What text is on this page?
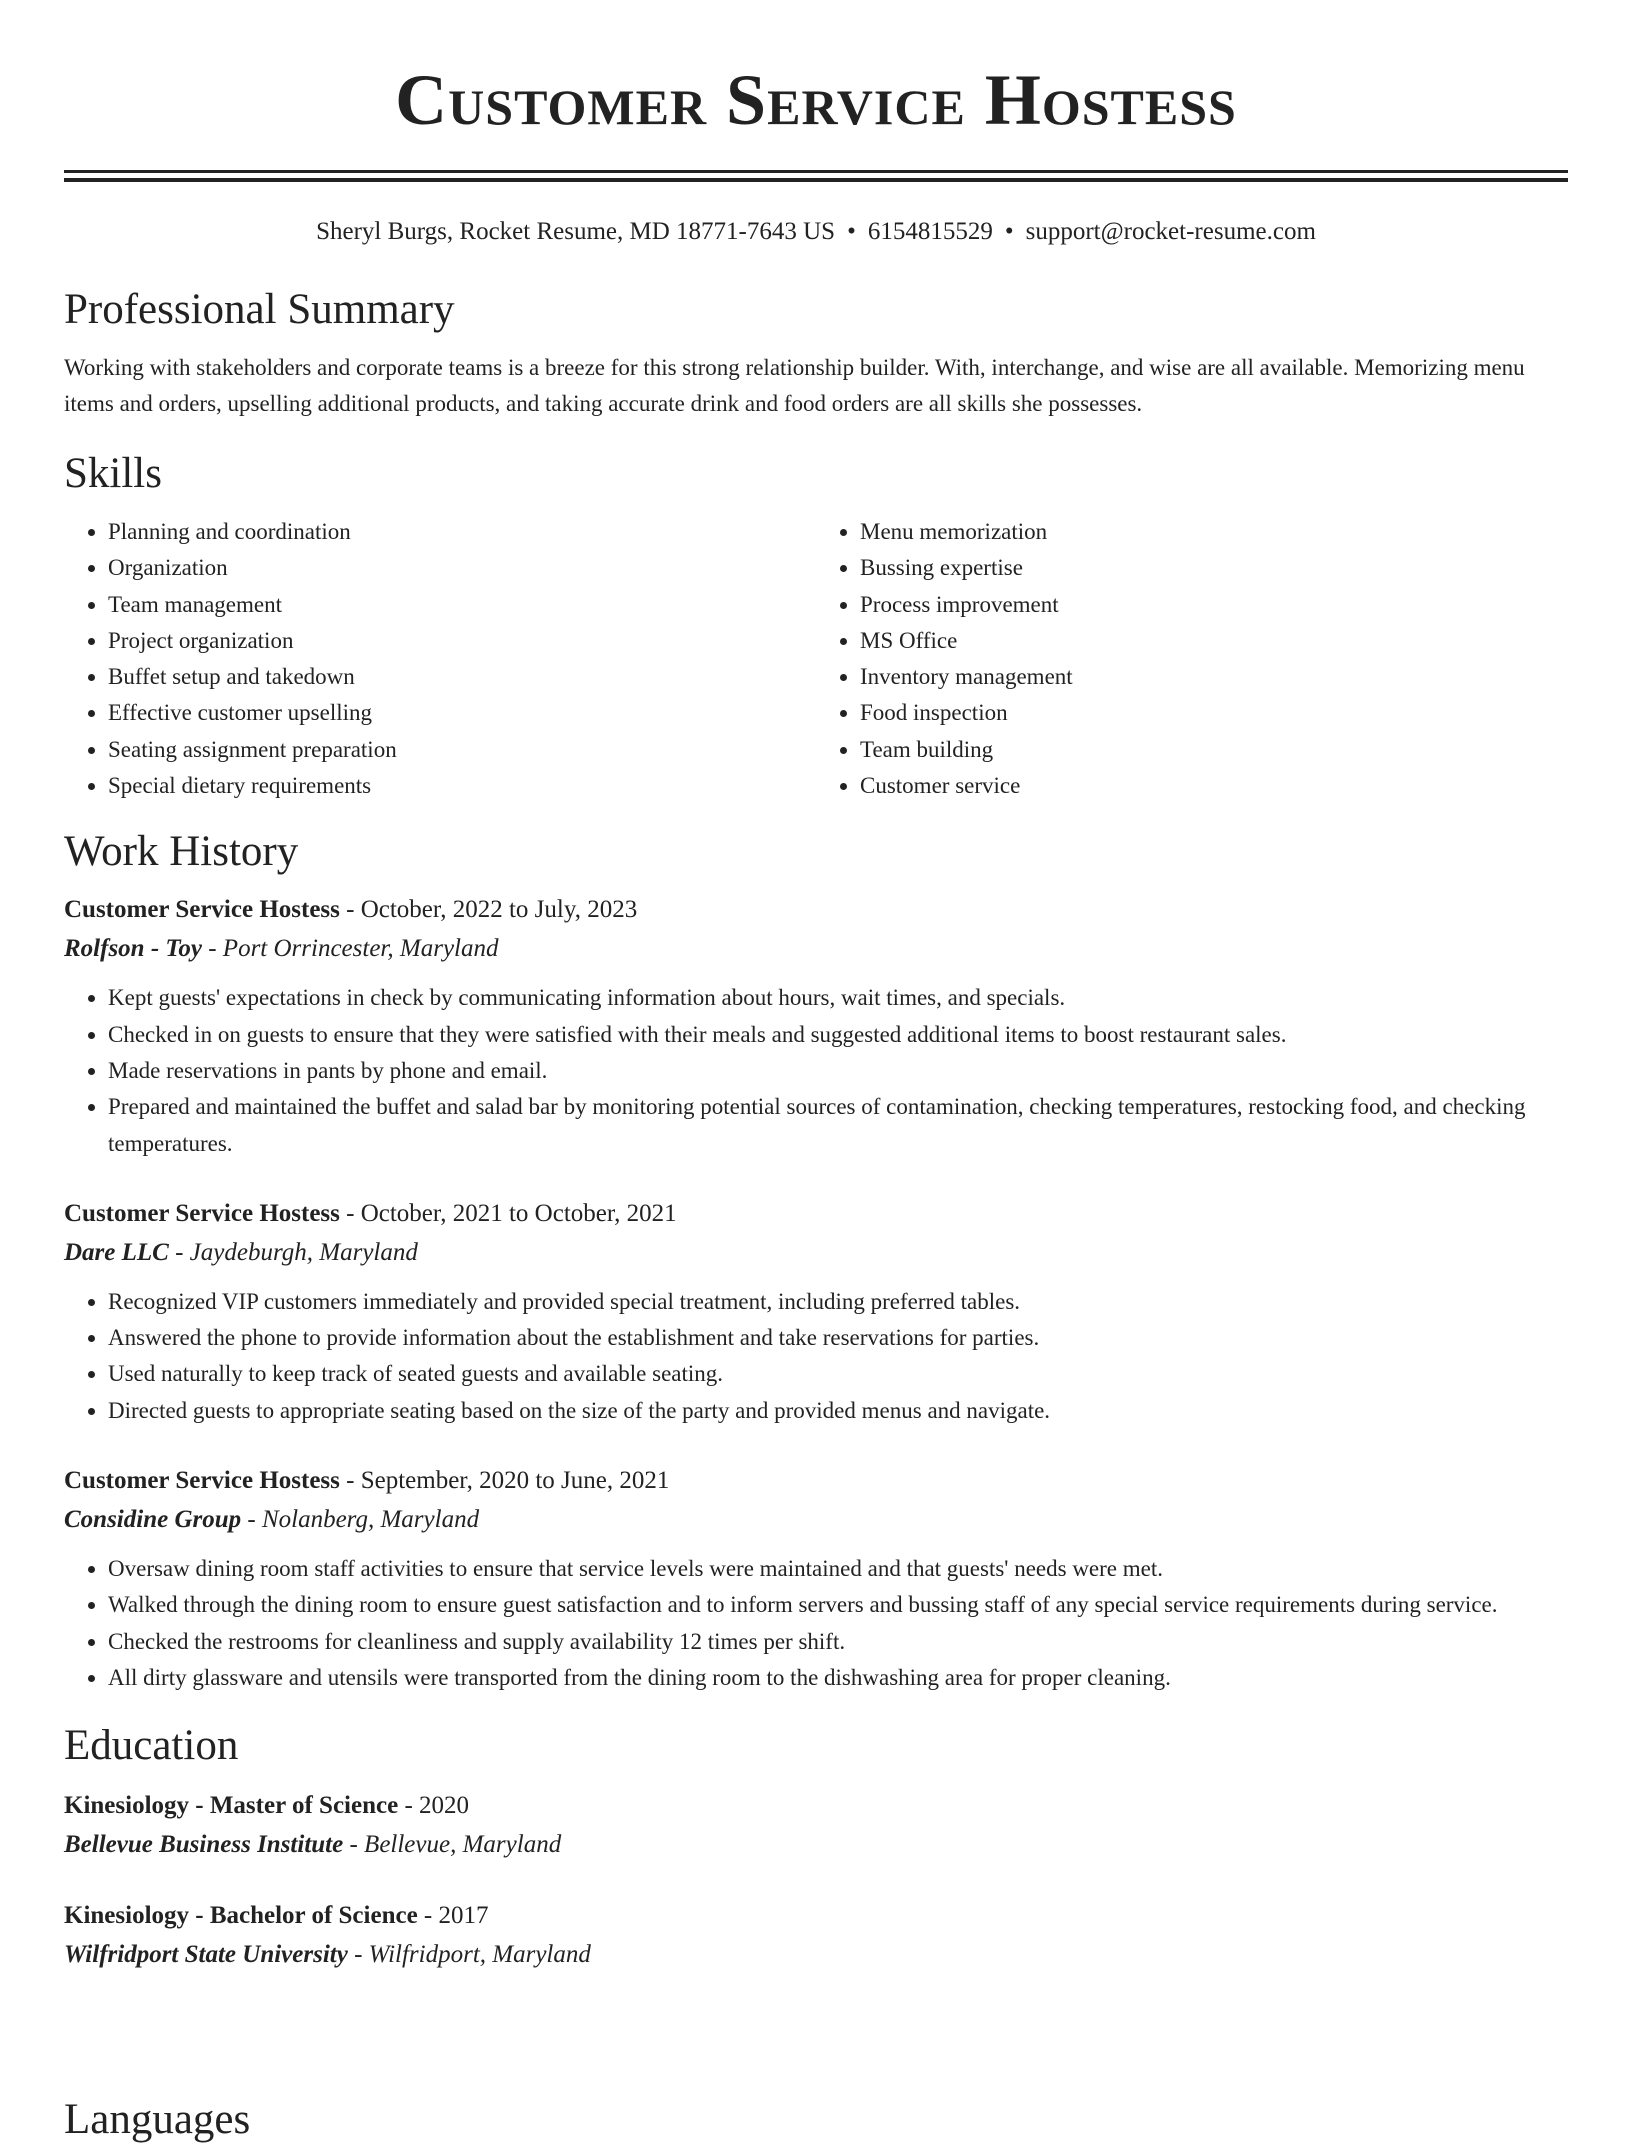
Customer Service Hostess
Sheryl Burgs, Rocket Resume, MD 18771-7643 US • 6154815529 • support@rocket-resume.com
Professional Summary

Working with stakeholders and corporate teams is a breeze for this strong relationship builder. With, interchange, and wise are all available. Memorizing menu items and orders, upselling additional products, and taking accurate drink and food orders are all skills she possesses.

Skills
• Planning and coordination
• Organization
• Team management
• Project organization
• Buffet setup and takedown
• Effective customer upselling
• Seating assignment preparation
• Special dietary requirements
• Menu memorization
• Bussing expertise
• Process improvement
• MS Office
• Inventory management
• Food inspection
• Team building
• Customer service
Work History
Customer Service Hostess - October, 2022 to July, 2023
Rolfson - Toy - Port Orrincester, Maryland
• Kept guests' expectations in check by communicating information about hours, wait times, and specials.
• Checked in on guests to ensure that they were satisfied with their meals and suggested additional items to boost restaurant sales.
• Made reservations in pants by phone and email.
• Prepared and maintained the buffet and salad bar by monitoring potential sources of contamination, checking temperatures, restocking food, and checking temperatures.
Customer Service Hostess - October, 2021 to October, 2021
Dare LLC - Jaydeburgh, Maryland
• Recognized VIP customers immediately and provided special treatment, including preferred tables.
• Answered the phone to provide information about the establishment and take reservations for parties.
• Used naturally to keep track of seated guests and available seating.
• Directed guests to appropriate seating based on the size of the party and provided menus and navigate.
Customer Service Hostess - September, 2020 to June, 2021
Considine Group - Nolanberg, Maryland
• Oversaw dining room staff activities to ensure that service levels were maintained and that guests' needs were met.
• Walked through the dining room to ensure guest satisfaction and to inform servers and bussing staff of any special service requirements during service.
• Checked the restrooms for cleanliness and supply availability 12 times per shift.
• All dirty glassware and utensils were transported from the dining room to the dishwashing area for proper cleaning.
Education
Kinesiology - Master of Science - 2020
Bellevue Business Institute - Bellevue, Maryland
Kinesiology - Bachelor of Science - 2017
Wilfridport State University - Wilfridport, Maryland
Languages
